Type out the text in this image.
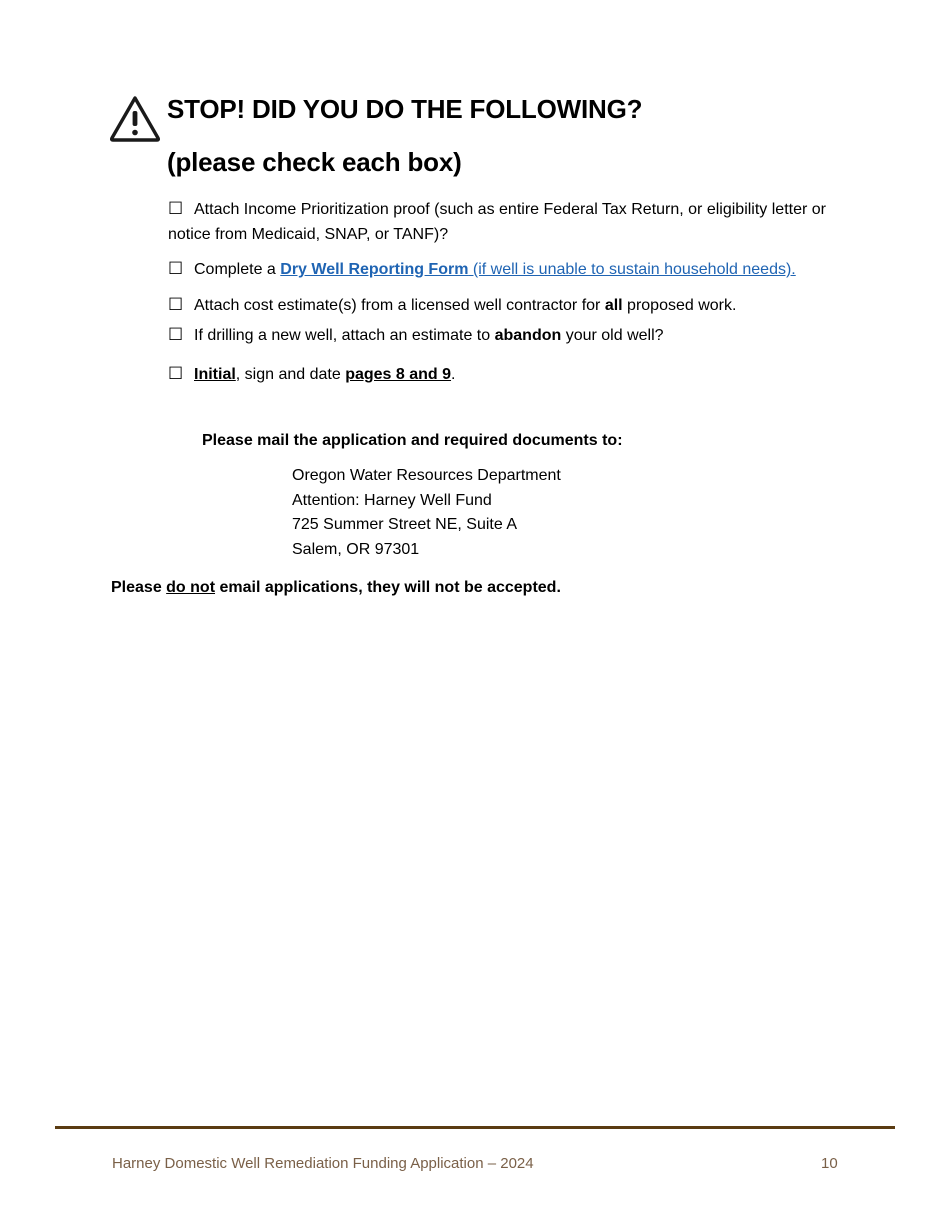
STOP! DID YOU DO THE FOLLOWING?
(please check each box)
☐ Attach Income Prioritization proof (such as entire Federal Tax Return, or eligibility letter or notice from Medicaid, SNAP, or TANF)?
☐ Complete a Dry Well Reporting Form (if well is unable to sustain household needs).
☐ Attach cost estimate(s) from a licensed well contractor for all proposed work.
☐ If drilling a new well, attach an estimate to abandon your old well?
☐ Initial, sign and date pages 8 and 9.
Please mail the application and required documents to:
Oregon Water Resources Department
Attention: Harney Well Fund
725 Summer Street NE, Suite A
Salem, OR 97301
Please do not email applications, they will not be accepted.
Harney Domestic Well Remediation Funding Application – 2024	10
